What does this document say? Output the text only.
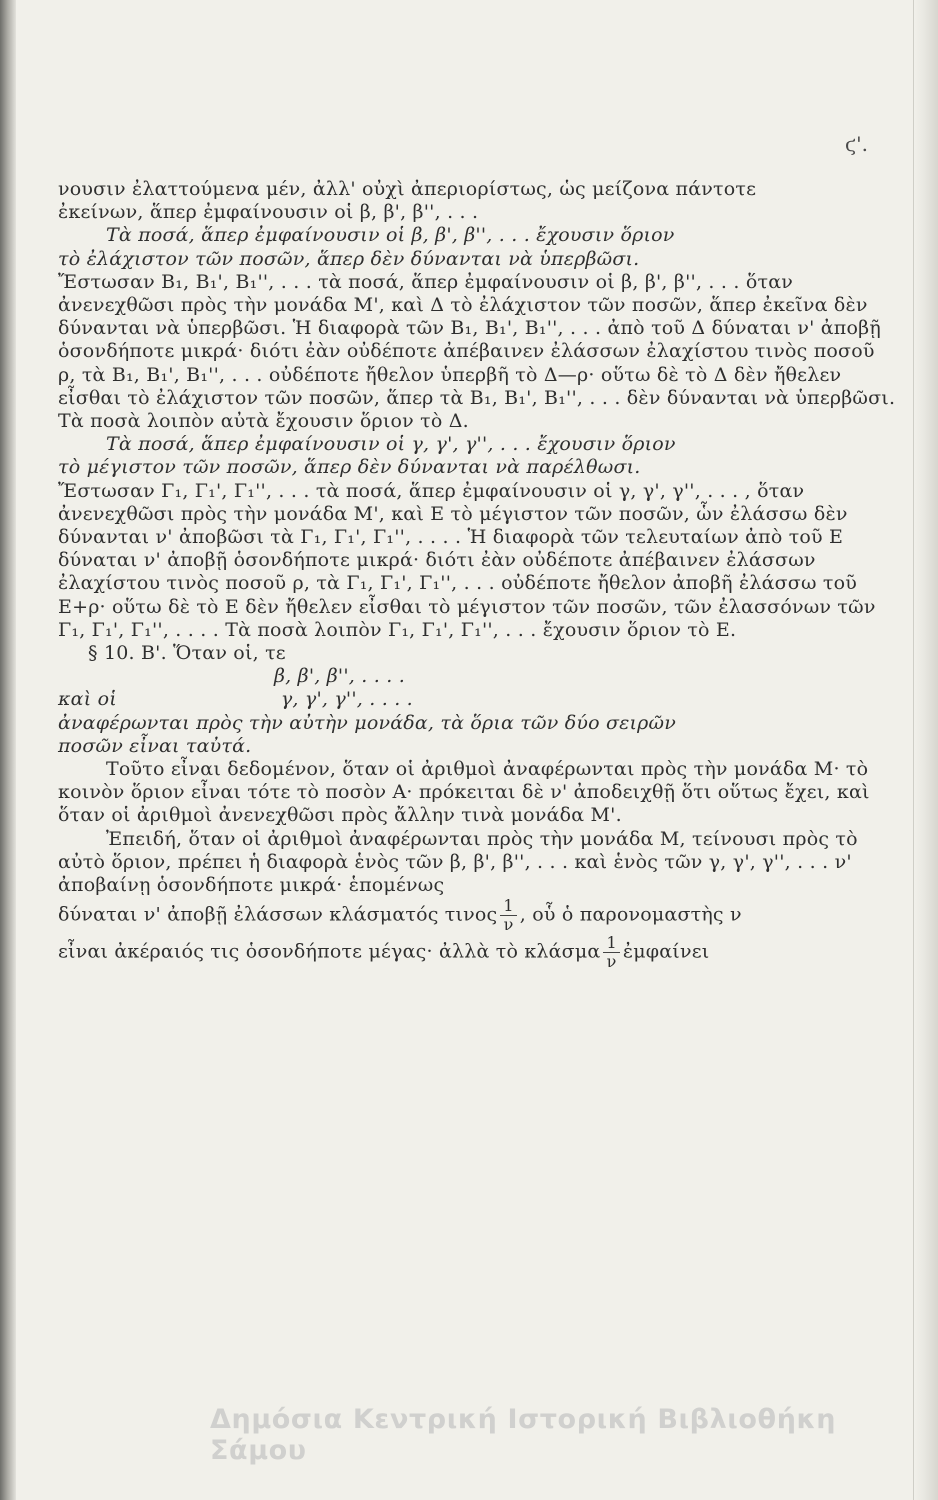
ϛ'.

νουσιν ἐλαττούμενα μέν, ἀλλ' οὐχὶ ἀπεριορίστως, ὡς μείζονα πάντοτε

ἐκείνων, ἅπερ ἐμφαίνουσιν οἱ β, β', β'', . . .

Τὰ ποσά, ἅπερ ἐμφαίνουσιν οἱ β, β', β'', . . . ἔχουσιν ὅριον

τὸ ἐλάχιστον τῶν ποσῶν, ἅπερ δὲν δύνανται νὰ ὑπερβῶσι.

Ἔστωσαν Β₁, Β₁', Β₁'', . . . τὰ ποσά, ἅπερ ἐμφαίνουσιν οἱ β, β', β'', . . . ὅταν ἀνενεχθῶσι πρὸς τὴν μονάδα Μ', καὶ Δ τὸ ἐλάχιστον τῶν ποσῶν, ἅπερ ἐκεῖνα δὲν δύνανται νὰ ὑπερβῶσι. Ἡ διαφορὰ τῶν Β₁, Β₁', Β₁'', . . . ἀπὸ τοῦ Δ δύναται ν' ἀποβῇ ὁσονδήποτε μικρά· διότι ἐὰν οὐδέποτε ἀπέβαινεν ἐλάσσων ἐλαχίστου τινὸς ποσοῦ ρ, τὰ Β₁, Β₁', Β₁'', . . . οὐδέποτε ἤθελον ὑπερβῆ τὸ Δ—ρ· οὕτω δὲ τὸ Δ δὲν ἤθελεν εἶσθαι τὸ ἐλάχιστον τῶν ποσῶν, ἅπερ τὰ Β₁, Β₁', Β₁'', . . . δὲν δύνανται νὰ ὑπερβῶσι. Τὰ ποσὰ λοιπὸν αὐτὰ ἔχουσιν ὅριον τὸ Δ.

Τὰ ποσά, ἅπερ ἐμφαίνουσιν οἱ γ, γ', γ'', . . . ἔχουσιν ὅριον

τὸ μέγιστον τῶν ποσῶν, ἅπερ δὲν δύνανται νὰ παρέλθωσι.

Ἔστωσαν Γ₁, Γ₁', Γ₁'', . . . τὰ ποσά, ἅπερ ἐμφαίνουσιν οἱ γ, γ', γ'', . . . , ὅταν ἀνενεχθῶσι πρὸς τὴν μονάδα Μ', καὶ Ε τὸ μέγιστον τῶν ποσῶν, ὧν ἐλάσσω δὲν δύνανται ν' ἀποβῶσι τὰ Γ₁, Γ₁', Γ₁'', . . . . Ἡ διαφορὰ τῶν τελευταίων ἀπὸ τοῦ Ε δύναται ν' ἀποβῇ ὁσονδήποτε μικρά· διότι ἐὰν οὐδέποτε ἀπέβαινεν ἐλάσσων ἐλαχίστου τινὸς ποσοῦ ρ, τὰ Γ₁, Γ₁', Γ₁'', . . . οὐδέποτε ἤθελον ἀποβῆ ἐλάσσω τοῦ Ε+ρ· οὕτω δὲ τὸ Ε δὲν ἤθελεν εἶσθαι τὸ μέγιστον τῶν ποσῶν, τῶν ἐλασσόνων τῶν Γ₁, Γ₁', Γ₁'', . . . . Τὰ ποσὰ λοιπὸν Γ₁, Γ₁', Γ₁'', . . . ἔχουσιν ὅριον τὸ Ε.

§ 10. Β'. Ὅταν οἱ, τε

β, β', β'', . . . .

καὶ οἱ	γ, γ', γ'', . . . .

ἀναφέρωνται πρὸς τὴν αὐτὴν μονάδα, τὰ ὅρια τῶν δύο σειρῶν

ποσῶν εἶναι ταὐτά.

Τοῦτο εἶναι δεδομένον, ὅταν οἱ ἀριθμοὶ ἀναφέρωνται πρὸς τὴν μονάδα Μ· τὸ κοινὸν ὅριον εἶναι τότε τὸ ποσὸν Α· πρόκειται δὲ ν' ἀποδειχθῇ ὅτι οὕτως ἔχει, καὶ ὅταν οἱ ἀριθμοὶ ἀνενεχθῶσι πρὸς ἄλλην τινὰ μονάδα Μ'.

Ἐπειδή, ὅταν οἱ ἀριθμοὶ ἀναφέρωνται πρὸς τὴν μονάδα Μ, τείνουσι πρὸς τὸ αὐτὸ ὅριον, πρέπει ἡ διαφορὰ ἑνὸς τῶν β, β', β'', . . . καὶ ἑνὸς τῶν γ, γ', γ'', . . . ν' ἀποβαίνῃ ὁσονδήποτε μικρά· ἑπομένως

δύναται ν' ἀποβῇ ἐλάσσων κλάσματός τινος $\frac{1}{\nu}$ , οὗ ὁ παρονομαστὴς ν

εἶναι ἀκέραιός τις ὁσονδήποτε μέγας· ἀλλὰ τὸ κλάσμα $\frac{1}{\nu}$ ἐμφαίνει

Δημόσια Κεντρική Ιστορική Βιβλιοθήκη Σάμου
